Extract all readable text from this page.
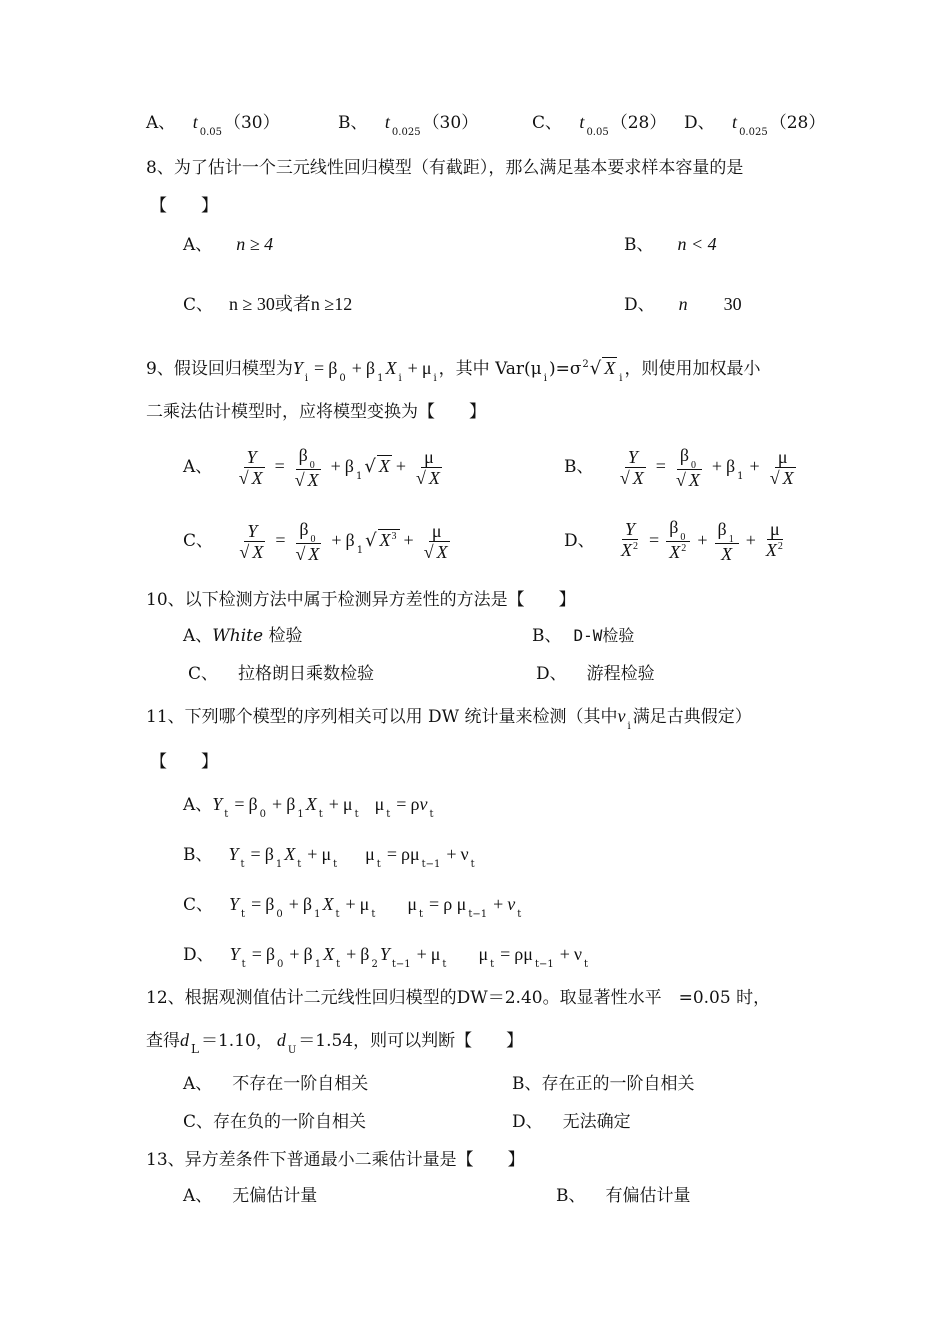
A、 $t_{0.05}$ （30）	B、 $t_{0.025}$ （30）	C、 $t_{0.05}$ （28） D、 $t_{0.025}$ （28）
8、为了估计一个三元线性回归模型（有截距），那么满足基本要求样本容量的是
【　　】
A、 n ≥ 4	B、 n < 4
C、 n ≥ 30或者n ≥12	D、 n 30
9、假设回归模型为$Y_i= \beta_0+ \beta_1X_i+ \mu_i$ ，其中 Var(μ $_i$ )$=\sigma^2√$ $X_i$ ，则使用加权最小
二乘法估计模型时，应将模型变换为【　　】
A、 $\frac{Y}{√ X} = \frac{\beta_0}{√ X} + \beta_1$ √ $X + \frac{\mu}{√ X}$	B、 $\frac{Y}{√ X} = \frac{\beta_0}{√ X} + \beta_1+ \frac{\mu}{√ X}$
C、 $\frac{Y}{√ X} = \frac{\beta_0}{√ X} + \beta_1$ √ $X^3 + \frac{\mu}{√ X}$	D、 $\frac{Y}{X^2} = \frac{\beta_0}{X^2} + \frac{\beta_1}{X} + \frac{\mu}{X^2}$
10、以下检测方法中属于检测异方差性的方法是【　　】
A、White 检验	B、 D-W检验
C、 拉格朗日乘数检验	D、 游程检验
11、下列哪个模型的序列相关可以用 DW 统计量来检测（其中$v_i$ 满足古典假定）
【　　】
A、$Y_t= \beta_0+ \beta_1X_t+ \mu_t\mu_t= \rho v_t$
B、 $Y_t= \beta_1X_t+ \mu_t\mu_t= \rho\mu_{t-1}+ \nu_t$
C、 $Y_t= \beta_0+ \beta_1X_t+ \mu_t\mu_t= \rho$ $\mu_{t-1}+ v_t$
D、 $Y_t= \beta_0+ \beta_1X_t+ \beta_2Y_{t-1}+ \mu_t\mu_t= \rho\mu_{t-1}+ \nu_t$
12、根据观测值估计二元线性回归模型的DW＝2.40。取显著性水平　=0.05 时，
查得d $_L$ ＝1.10， $d_U =1.54$，则可以判断【　　】
A、 不存在一阶自相关	B、存在正的一阶自相关
C、存在负的一阶自相关	D、 无法确定
13、异方差条件下普通最小二乘估计量是【　　】
A、 无偏估计量	B、 有偏估计量
